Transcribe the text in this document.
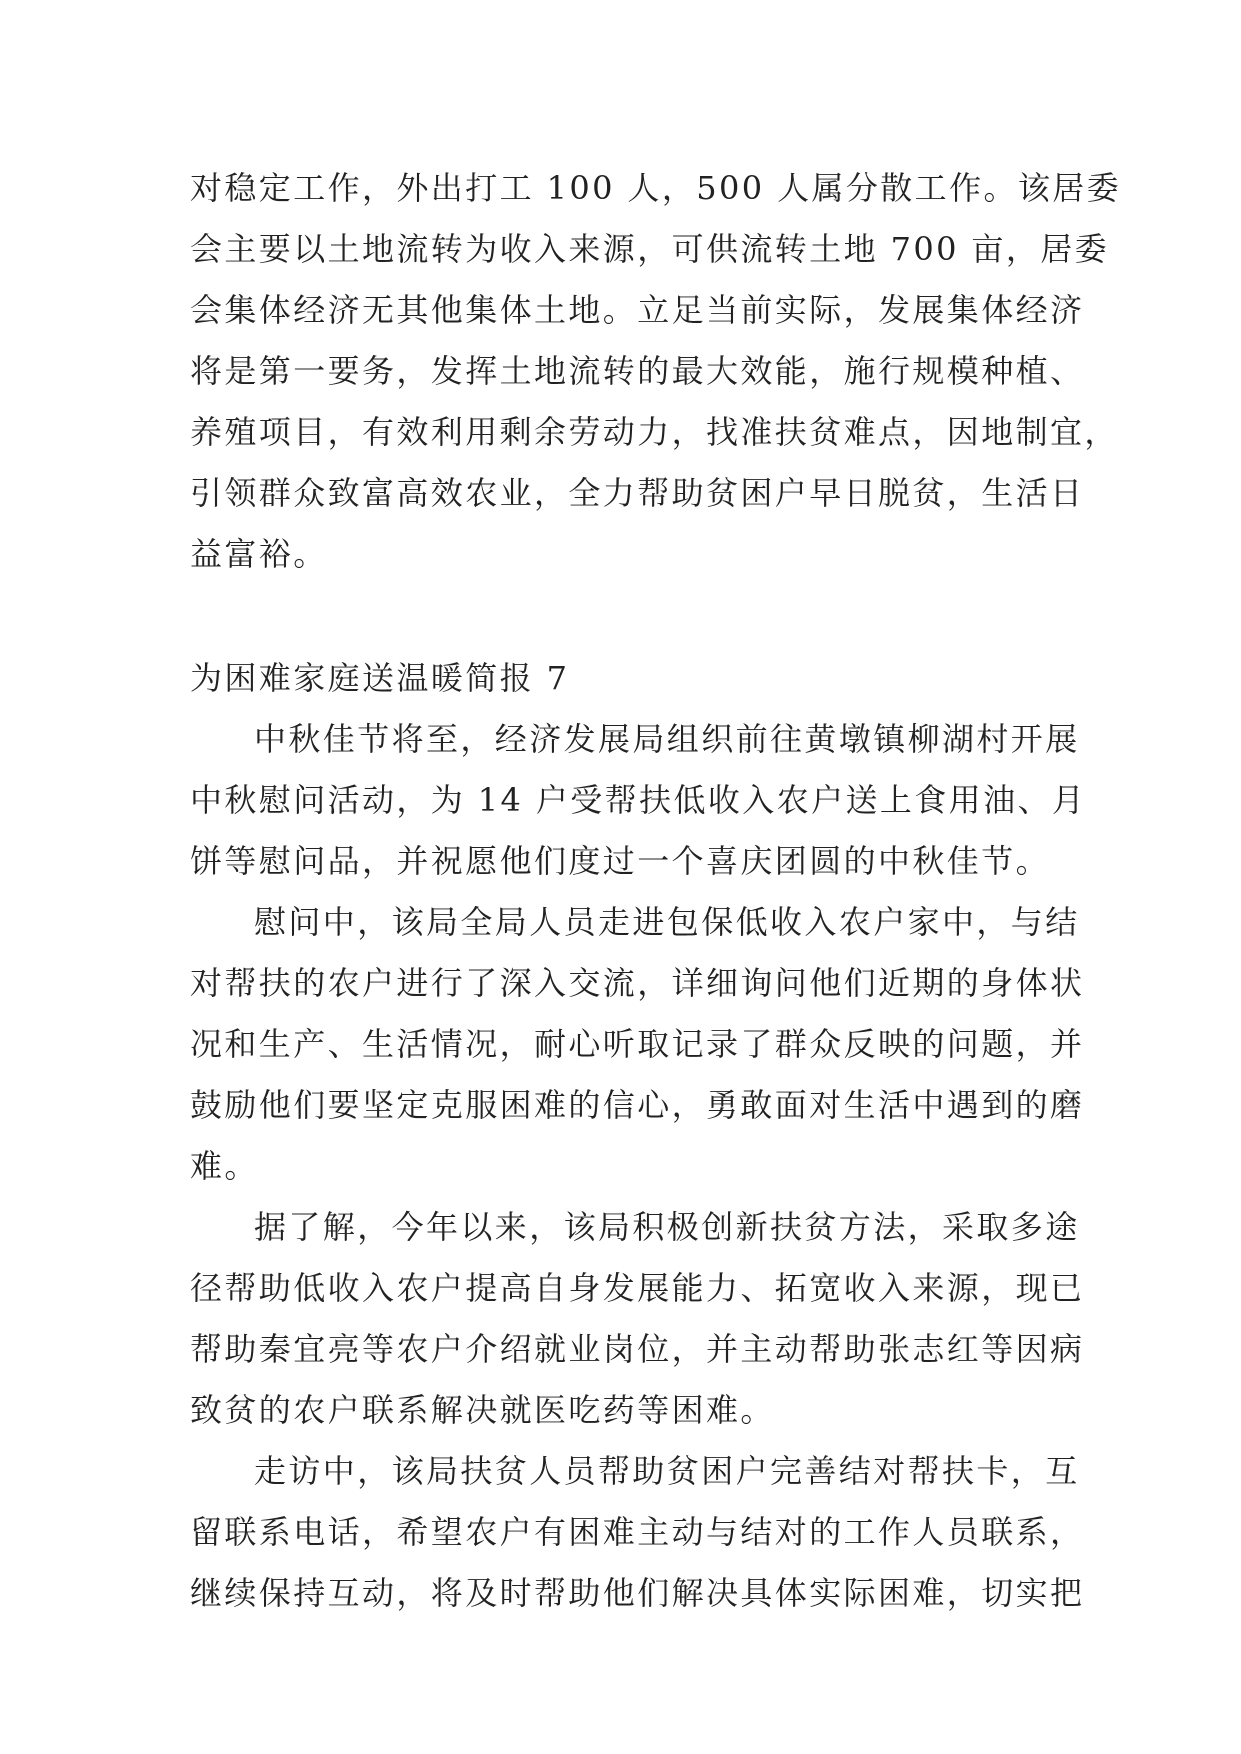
对稳定工作，外出打工 100 人，500 人属分散工作。该居委
会主要以土地流转为收入来源，可供流转土地 700 亩，居委
会集体经济无其他集体土地。立足当前实际，发展集体经济
将是第一要务，发挥土地流转的最大效能，施行规模种植、
养殖项目，有效利用剩余劳动力，找准扶贫难点，因地制宜，
引领群众致富高效农业，全力帮助贫困户早日脱贫，生活日
益富裕。
为困难家庭送温暖简报 7
中秋佳节将至，经济发展局组织前往黄墩镇柳湖村开展
中秋慰问活动，为 14 户受帮扶低收入农户送上食用油、月
饼等慰问品，并祝愿他们度过一个喜庆团圆的中秋佳节。
慰问中，该局全局人员走进包保低收入农户家中，与结
对帮扶的农户进行了深入交流，详细询问他们近期的身体状
况和生产、生活情况，耐心听取记录了群众反映的问题，并
鼓励他们要坚定克服困难的信心，勇敢面对生活中遇到的磨
难。
据了解，今年以来，该局积极创新扶贫方法，采取多途
径帮助低收入农户提高自身发展能力、拓宽收入来源，现已
帮助秦宜亮等农户介绍就业岗位，并主动帮助张志红等因病
致贫的农户联系解决就医吃药等困难。
走访中，该局扶贫人员帮助贫困户完善结对帮扶卡，互
留联系电话，希望农户有困难主动与结对的工作人员联系，
继续保持互动，将及时帮助他们解决具体实际困难，切实把
